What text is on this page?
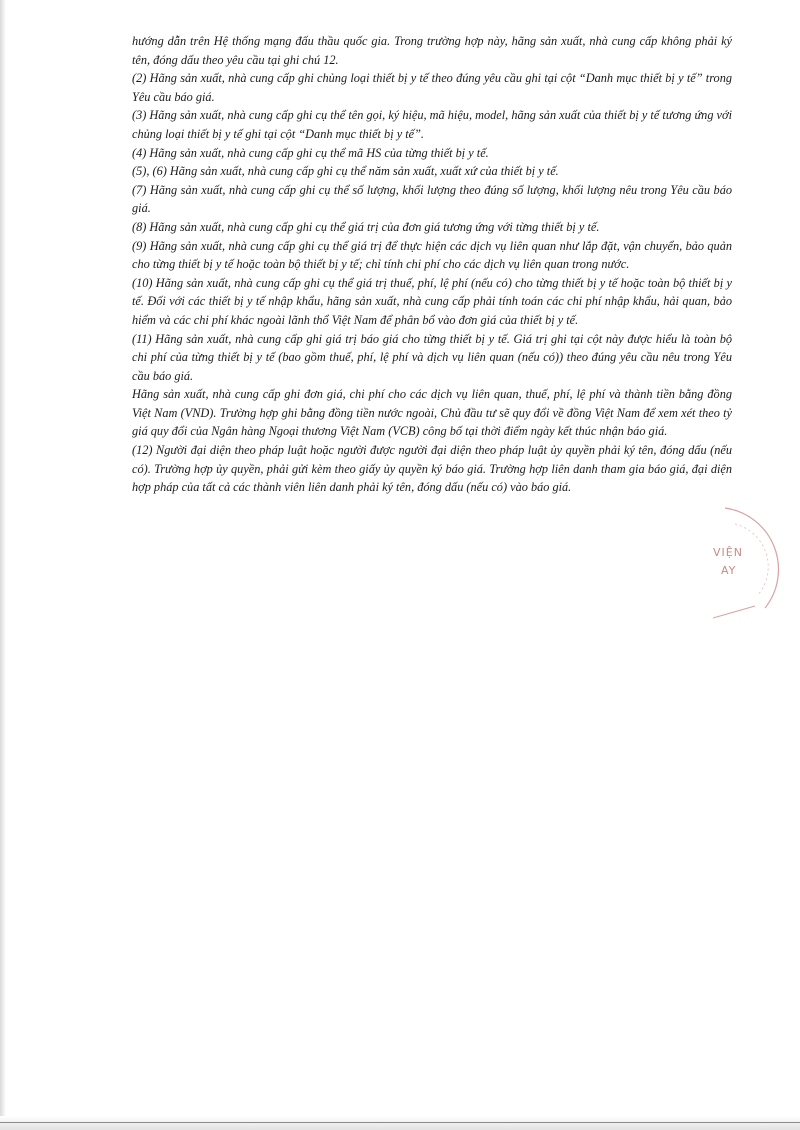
hướng dẫn trên Hệ thống mạng đấu thầu quốc gia. Trong trường hợp này, hãng sản xuất, nhà cung cấp không phải ký tên, đóng dấu theo yêu cầu tại ghi chú 12.

(2) Hãng sản xuất, nhà cung cấp ghi chủng loại thiết bị y tế theo đúng yêu cầu ghi tại cột “Danh mục thiết bị y tế” trong Yêu cầu báo giá.

(3) Hãng sản xuất, nhà cung cấp ghi cụ thể tên gọi, ký hiệu, mã hiệu, model, hãng sản xuất của thiết bị y tế tương ứng với chủng loại thiết bị y tế ghi tại cột “Danh mục thiết bị y tế”.

(4) Hãng sản xuất, nhà cung cấp ghi cụ thể mã HS của từng thiết bị y tế.

(5), (6) Hãng sản xuất, nhà cung cấp ghi cụ thể năm sản xuất, xuất xứ của thiết bị y tế.

(7) Hãng sản xuất, nhà cung cấp ghi cụ thể số lượng, khối lượng theo đúng số lượng, khối lượng nêu trong Yêu cầu báo giá.

(8) Hãng sản xuất, nhà cung cấp ghi cụ thể giá trị của đơn giá tương ứng với từng thiết bị y tế.

(9) Hãng sản xuất, nhà cung cấp ghi cụ thể giá trị để thực hiện các dịch vụ liên quan như lắp đặt, vận chuyển, bảo quản cho từng thiết bị y tế hoặc toàn bộ thiết bị y tế; chỉ tính chi phí cho các dịch vụ liên quan trong nước.

(10) Hãng sản xuất, nhà cung cấp ghi cụ thể giá trị thuế, phí, lệ phí (nếu có) cho từng thiết bị y tế hoặc toàn bộ thiết bị y tế. Đối với các thiết bị y tế nhập khẩu, hãng sản xuất, nhà cung cấp phải tính toán các chi phí nhập khẩu, hải quan, bảo hiểm và các chi phí khác ngoài lãnh thổ Việt Nam để phân bổ vào đơn giá của thiết bị y tế.

(11) Hãng sản xuất, nhà cung cấp ghi giá trị báo giá cho từng thiết bị y tế. Giá trị ghi tại cột này được hiểu là toàn bộ chi phí của từng thiết bị y tế (bao gồm thuế, phí, lệ phí và dịch vụ liên quan (nếu có)) theo đúng yêu cầu nêu trong Yêu cầu báo giá.

Hãng sản xuất, nhà cung cấp ghi đơn giá, chi phí cho các dịch vụ liên quan, thuế, phí, lệ phí và thành tiền bằng đồng Việt Nam (VND). Trường hợp ghi bằng đồng tiền nước ngoài, Chủ đầu tư sẽ quy đổi về đồng Việt Nam để xem xét theo tỷ giá quy đổi của Ngân hàng Ngoại thương Việt Nam (VCB) công bố tại thời điểm ngày kết thúc nhận báo giá.

(12) Người đại diện theo pháp luật hoặc người được người đại diện theo pháp luật ủy quyền phải ký tên, đóng dấu (nếu có). Trường hợp ủy quyền, phải gửi kèm theo giấy ủy quyền ký báo giá. Trường hợp liên danh tham gia báo giá, đại diện hợp pháp của tất cả các thành viên liên danh phải ký tên, đóng dấu (nếu có) vào báo giá.

VIỆN
AY
